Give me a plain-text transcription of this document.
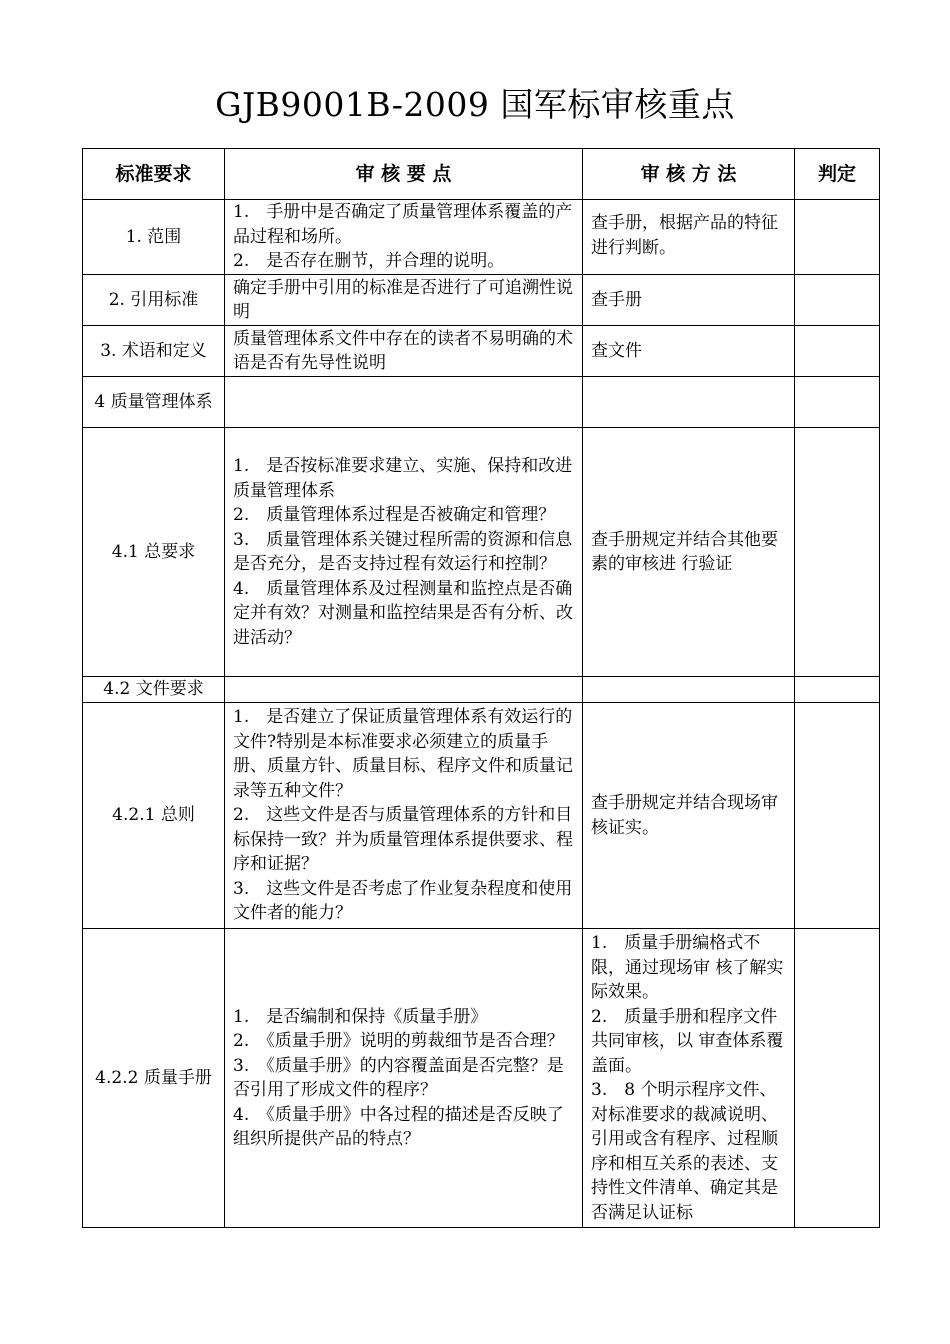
GJB9001B-2009 国军标审核重点
标准要求	审 核 要 点	审 核 方 法	判定
1. 范围	1.　手册中是否确定了质量管理体系覆盖的产品过程和场所。
2.　是否存在删节，并合理的说明。	查手册，根据产品的特征进行判断。	

2. 引用标准	确定手册中引用的标准是否进行了可追溯性说明	查手册	

3. 术语和定义	质量管理体系文件中存在的读者不易明确的术语是否有先导性说明	查文件	

4 质量管理体系			
4.1 总要求	1.　是否按标准要求建立、实施、保持和改进质量管理体系
2.　质量管理体系过程是否被确定和管理？
3.　质量管理体系关键过程所需的资源和信息是否充分，是否支持过程有效运行和控制？
4.　质量管理体系及过程测量和监控点是否确定并有效？对测量和监控结果是否有分析、改进活动？	查手册规定并结合其他要素的审核进 行验证	

4.2 文件要求			
4.2.1 总则	1.　是否建立了保证质量管理体系有效运行的文件?特别是本标准要求必须建立的质量手册、质量方针、质量目标、程序文件和质量记录等五种文件？
2.　这些文件是否与质量管理体系的方针和目标保持一致？并为质量管理体系提供要求、程序和证据？
3.　这些文件是否考虑了作业复杂程度和使用文件者的能力？	查手册规定并结合现场审核证实。	

4.2.2 质量手册	1.　是否编制和保持《质量手册》
2.　《质量手册》说明的剪裁细节是否合理？
3.　《质量手册》的内容覆盖面是否完整？是否引用了形成文件的程序？
4.　《质量手册》中各过程的描述是否反映了组织所提供产品的特点？	1.　质量手册编格式不限，通过现场审 核了解实际效果。
2.　质量手册和程序文件共同审核，以 审查体系覆盖面。
3.　8 个明示程序文件、对标准要求的裁减说明、引用或含有程序、过程顺序和相互关系的表述、支持性文件清单、确定其是否满足认证标	
